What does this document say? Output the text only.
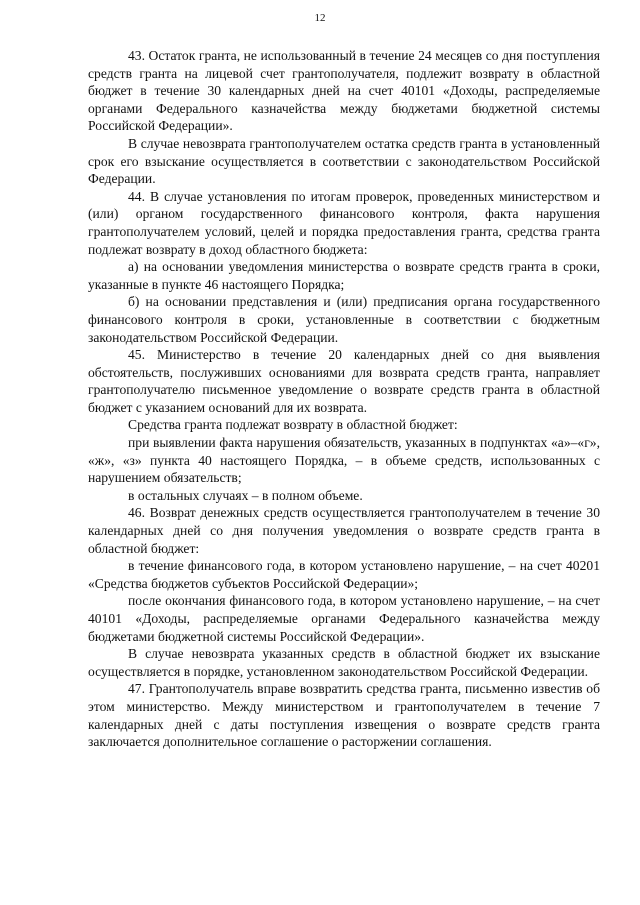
12

43. Остаток гранта, не использованный в течение 24 месяцев со дня поступления средств гранта на лицевой счет грантополучателя, подлежит возврату в областной бюджет в течение 30 календарных дней на счет 40101 «Доходы, распределяемые органами Федерального казначейства между бюджетами бюджетной системы Российской Федерации».

В случае невозврата грантополучателем остатка средств гранта в установленный срок его взыскание осуществляется в соответствии с законодательством Российской Федерации.

44. В случае установления по итогам проверок, проведенных министерством и (или) органом государственного финансового контроля, факта нарушения грантополучателем условий, целей и порядка предоставления гранта, средства гранта подлежат возврату в доход областного бюджета:

а) на основании уведомления министерства о возврате средств гранта в сроки, указанные в пункте 46 настоящего Порядка;

б) на основании представления и (или) предписания органа государственного финансового контроля в сроки, установленные в соответствии с бюджетным законодательством Российской Федерации.

45. Министерство в течение 20 календарных дней со дня выявления обстоятельств, послуживших основаниями для возврата средств гранта, направляет грантополучателю письменное уведомление о возврате средств гранта в областной бюджет с указанием оснований для их возврата.

Средства гранта подлежат возврату в областной бюджет:

при выявлении факта нарушения обязательств, указанных в подпунктах «а»–«г», «ж», «з» пункта 40 настоящего Порядка, – в объеме средств, использованных с нарушением обязательств;

в остальных случаях – в полном объеме.

46. Возврат денежных средств осуществляется грантополучателем в течение 30 календарных дней со дня получения уведомления о возврате средств гранта в областной бюджет:

в течение финансового года, в котором установлено нарушение, – на счет 40201 «Средства бюджетов субъектов Российской Федерации»;

после окончания финансового года, в котором установлено нарушение, – на счет 40101 «Доходы, распределяемые органами Федерального казначейства между бюджетами бюджетной системы Российской Федерации».

В случае невозврата указанных средств в областной бюджет их взыскание осуществляется в порядке, установленном законодательством Российской Федерации.

47. Грантополучатель вправе возвратить средства гранта, письменно известив об этом министерство. Между министерством и грантополучателем в течение 7 календарных дней с даты поступления извещения о возврате средств гранта заключается дополнительное соглашение о расторжении соглашения.
